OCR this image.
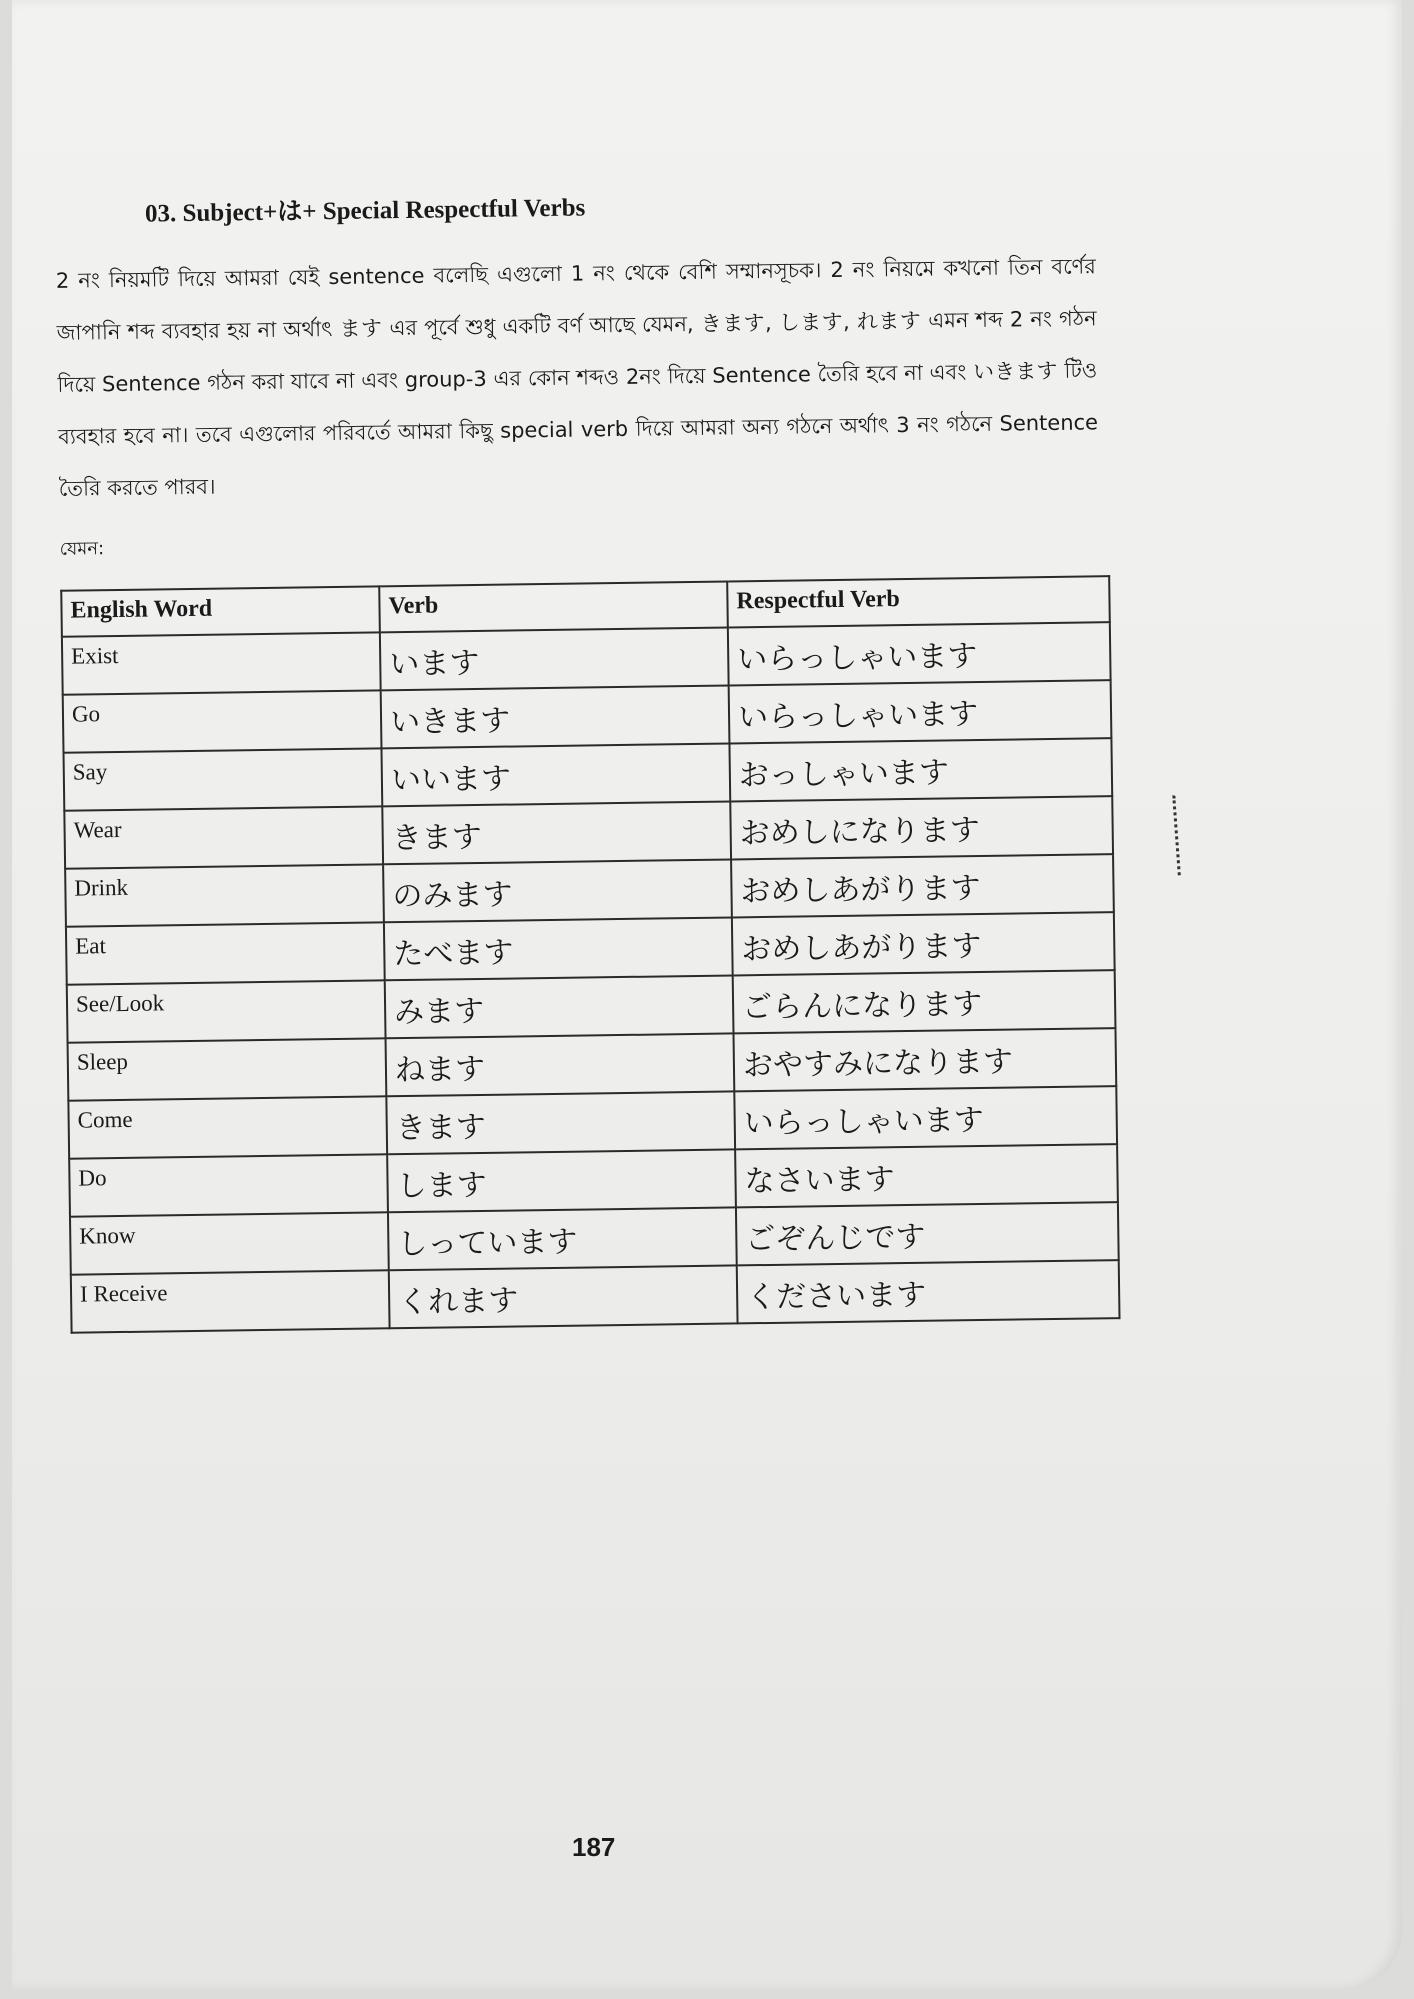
03. Subject+は+ Special Respectful Verbs
2 নং নিয়মটি দিয়ে আমরা যেই sentence বলেছি এগুলো 1 নং থেকে বেশি সম্মানসূচক। 2 নং নিয়মে কখনো তিন বর্ণের জাপানি শব্দ ব্যবহার হয় না অর্থাৎ ます এর পূর্বে শুধু একটি বর্ণ আছে যেমন, きます, します, れます এমন শব্দ 2 নং গঠন দিয়ে Sentence গঠন করা যাবে না এবং group-3 এর কোন শব্দও 2নং দিয়ে Sentence তৈরি হবে না এবং いきます টিও ব্যবহার হবে না। তবে এগুলোর পরিবর্তে আমরা কিছু special verb দিয়ে আমরা অন্য গঠনে অর্থাৎ 3 নং গঠনে Sentence তৈরি করতে পারব।
যেমন:
English Word	Verb	Respectful Verb
Exist	います	いらっしゃいます
Go	いきます	いらっしゃいます
Say	いいます	おっしゃいます
Wear	きます	おめしになります
Drink	のみます	おめしあがります
Eat	たべます	おめしあがります
See/Look	みます	ごらんになります
Sleep	ねます	おやすみになります
Come	きます	いらっしゃいます
Do	します	なさいます
Know	しっています	ごぞんじです
I Receive	くれます	くださいます
187
